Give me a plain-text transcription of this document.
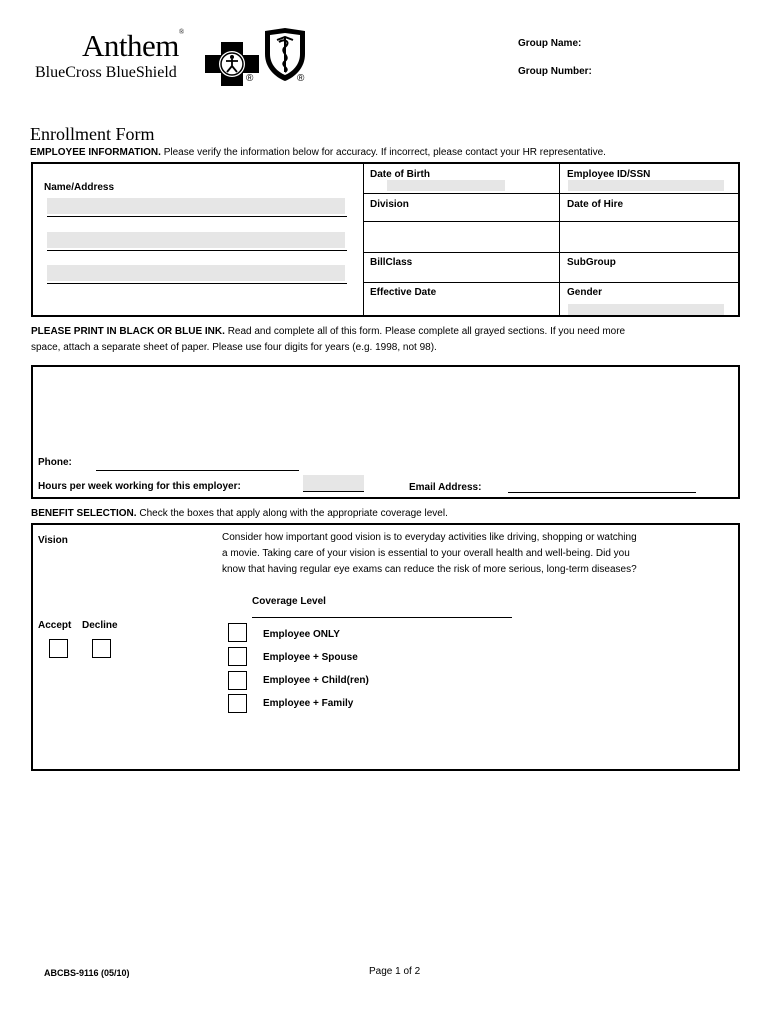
Anthem®
BlueCross BlueShield	®	®
Group Name:
Group Number:
Enrollment Form
EMPLOYEE INFORMATION. Please verify the information below for accuracy. If incorrect, please contact your HR representative.
Name/Address
Date of Birth	Employee ID/SSN
Division	Date of Hire
BillClass	SubGroup
Effective Date	Gender
PLEASE PRINT IN BLACK OR BLUE INK. Read and complete all of this form. Please complete all grayed sections. If you need more
space, attach a separate sheet of paper. Please use four digits for years (e.g. 1998, not 98).
Phone:
Hours per week working for this employer:	Email Address:
BENEFIT SELECTION. Check the boxes that apply along with the appropriate coverage level.
Vision	Consider how important good vision is to everyday activities like driving, shopping or watching
a movie. Taking care of your vision is essential to your overall health and well-being. Did you
know that having regular eye exams can reduce the risk of more serious, long-term diseases?
Coverage Level
Accept Decline
Employee ONLY
Employee + Spouse
Employee + Child(ren)
Employee + Family
ABCBS-9116 (05/10)	Page 1 of 2
